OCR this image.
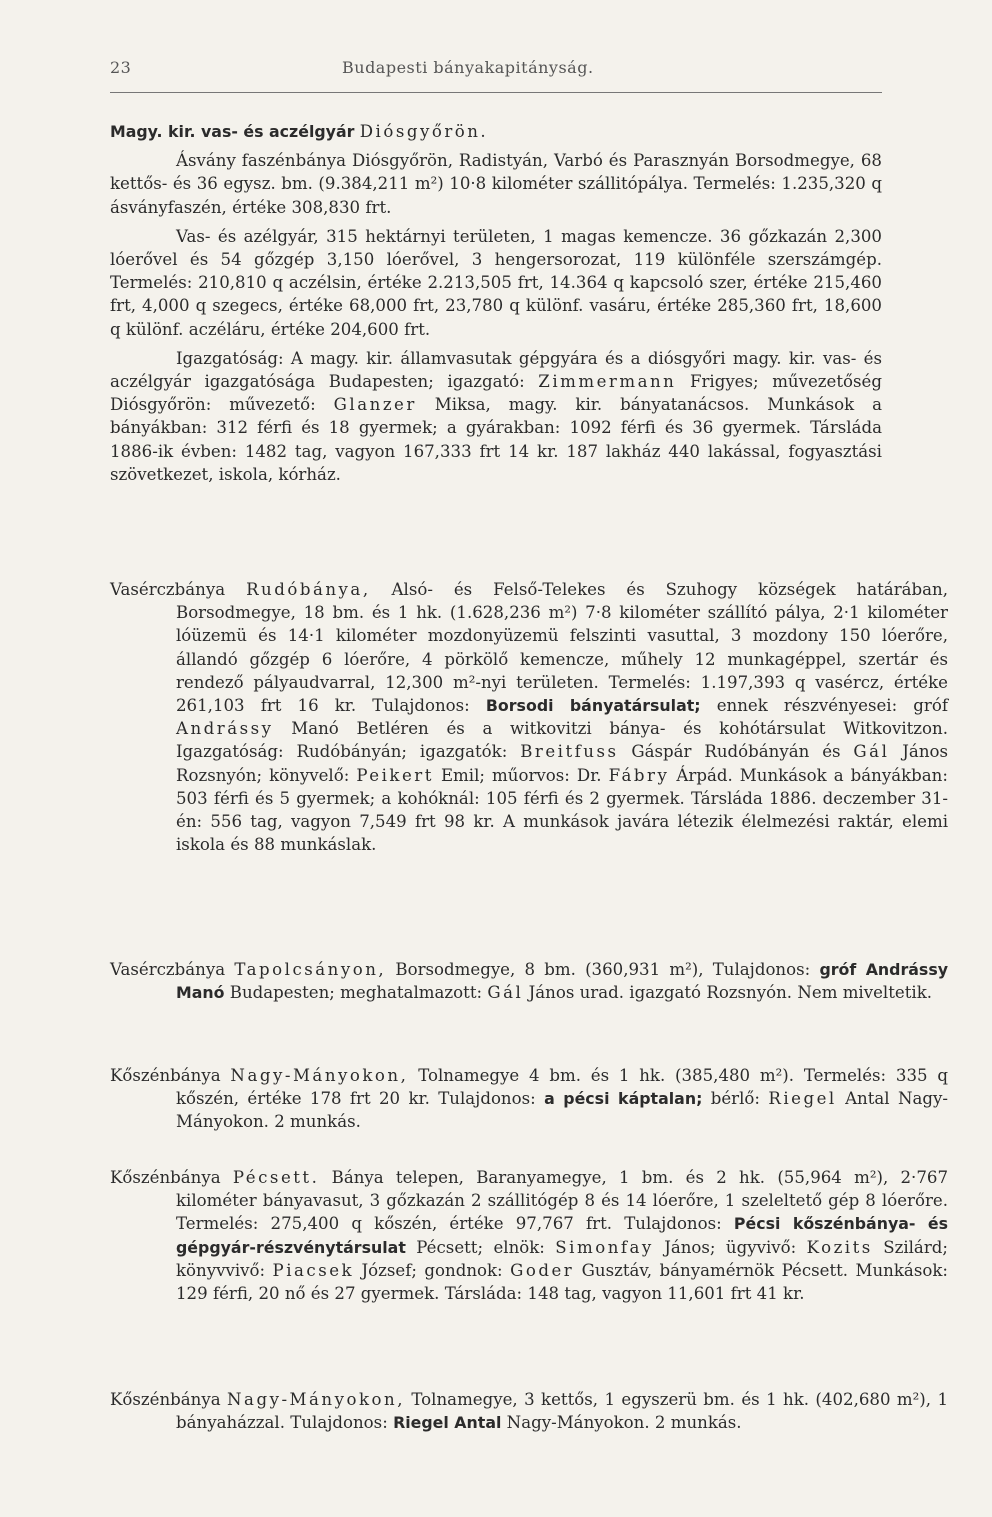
23	Budapesti bányakapitányság.

Magy. kir. vas- és aczélgyár Diósgyőrön.

Ásvány faszénbánya Diósgyőrön, Radistyán, Varbó és Parasznyán Borsodmegye, 68 kettős- és 36 egysz. bm. (9.384,211 m²) 10·8 kilométer szállitópálya. Termelés: 1.235,320 q ásványfaszén, értéke 308,830 frt.

Vas- és azélgyár, 315 hektárnyi területen, 1 magas kemencze. 36 gőzkazán 2,300 lóerővel és 54 gőzgép 3,150 lóerővel, 3 hengersorozat, 119 különféle szerszámgép. Termelés: 210,810 q aczélsin, értéke 2.213,505 frt, 14.364 q kapcsoló szer, értéke 215,460 frt, 4,000 q szegecs, értéke 68,000 frt, 23,780 q különf. vasáru, értéke 285,360 frt, 18,600 q különf. aczéláru, értéke 204,600 frt.

Igazgatóság: A magy. kir. államvasutak gépgyára és a diósgyőri magy. kir. vas- és aczélgyár igazgatósága Budapesten; igazgató: Zimmermann Frigyes; művezetőség Diósgyőrön: művezető: Glanzer Miksa, magy. kir. bányatanácsos. Munkások a bányákban: 312 férfi és 18 gyermek; a gyárakban: 1092 férfi és 36 gyermek. Társláda 1886-ik évben: 1482 tag, vagyon 167,333 frt 14 kr. 187 lakház 440 lakással, fogyasztási szövetkezet, iskola, kórház.

Vasérczbánya Rudóbánya, Alsó- és Felső-Telekes és Szuhogy községek határában, Borsodmegye, 18 bm. és 1 hk. (1.628,236 m²) 7·8 kilométer szállító pálya, 2·1 kilométer lóüzemü és 14·1 kilométer mozdonyüzemü felszinti vasuttal, 3 mozdony 150 lóerőre, állandó gőzgép 6 lóerőre, 4 pörkölő kemencze, műhely 12 munkagéppel, szertár és rendező pályaudvarral, 12,300 m²-nyi területen. Termelés: 1.197,393 q vasércz, értéke 261,103 frt 16 kr. Tulajdonos: Borsodi bányatársulat; ennek részvényesei: gróf Andrássy Manó Betléren és a witkovitzi bánya- és kohótársulat Witkovitzon. Igazgatóság: Rudóbányán; igazgatók: Breitfuss Gáspár Rudóbányán és Gál János Rozsnyón; könyvelő: Peikert Emil; műorvos: Dr. Fábry Árpád. Munkások a bányákban: 503 férfi és 5 gyermek; a kohóknál: 105 férfi és 2 gyermek. Társláda 1886. deczember 31-én: 556 tag, vagyon 7,549 frt 98 kr. A munkások javára létezik élelmezési raktár, elemi iskola és 88 munkáslak.
Vasérczbánya Tapolcsányon, Borsodmegye, 8 bm. (360,931 m²), Tulajdonos: gróf Andrássy Manó Budapesten; meghatalmazott: Gál János urad. igazgató Rozsnyón. Nem miveltetik.
Kőszénbánya Nagy-Mányokon, Tolnamegye 4 bm. és 1 hk. (385,480 m²). Termelés: 335 q kőszén, értéke 178 frt 20 kr. Tulajdonos: a pécsi káptalan; bérlő: Riegel Antal Nagy-Mányokon. 2 munkás.
Kőszénbánya Pécsett. Bánya telepen, Baranyamegye, 1 bm. és 2 hk. (55,964 m²), 2·767 kilométer bányavasut, 3 gőzkazán 2 szállitógép 8 és 14 lóerőre, 1 szeleltető gép 8 lóerőre. Termelés: 275,400 q kőszén, értéke 97,767 frt. Tulajdonos: Pécsi kőszénbánya- és gépgyár-részvénytársulat Pécsett; elnök: Simonfay János; ügyvivő: Kozits Szilárd; könyvvivő: Piacsek József; gondnok: Goder Gusztáv, bányamérnök Pécsett. Munkások: 129 férfi, 20 nő és 27 gyermek. Társláda: 148 tag, vagyon 11,601 frt 41 kr.
Kőszénbánya Nagy-Mányokon, Tolnamegye, 3 kettős, 1 egyszerü bm. és 1 hk. (402,680 m²), 1 bányaházzal. Tulajdonos: Riegel Antal Nagy-Mányokon. 2 munkás.
